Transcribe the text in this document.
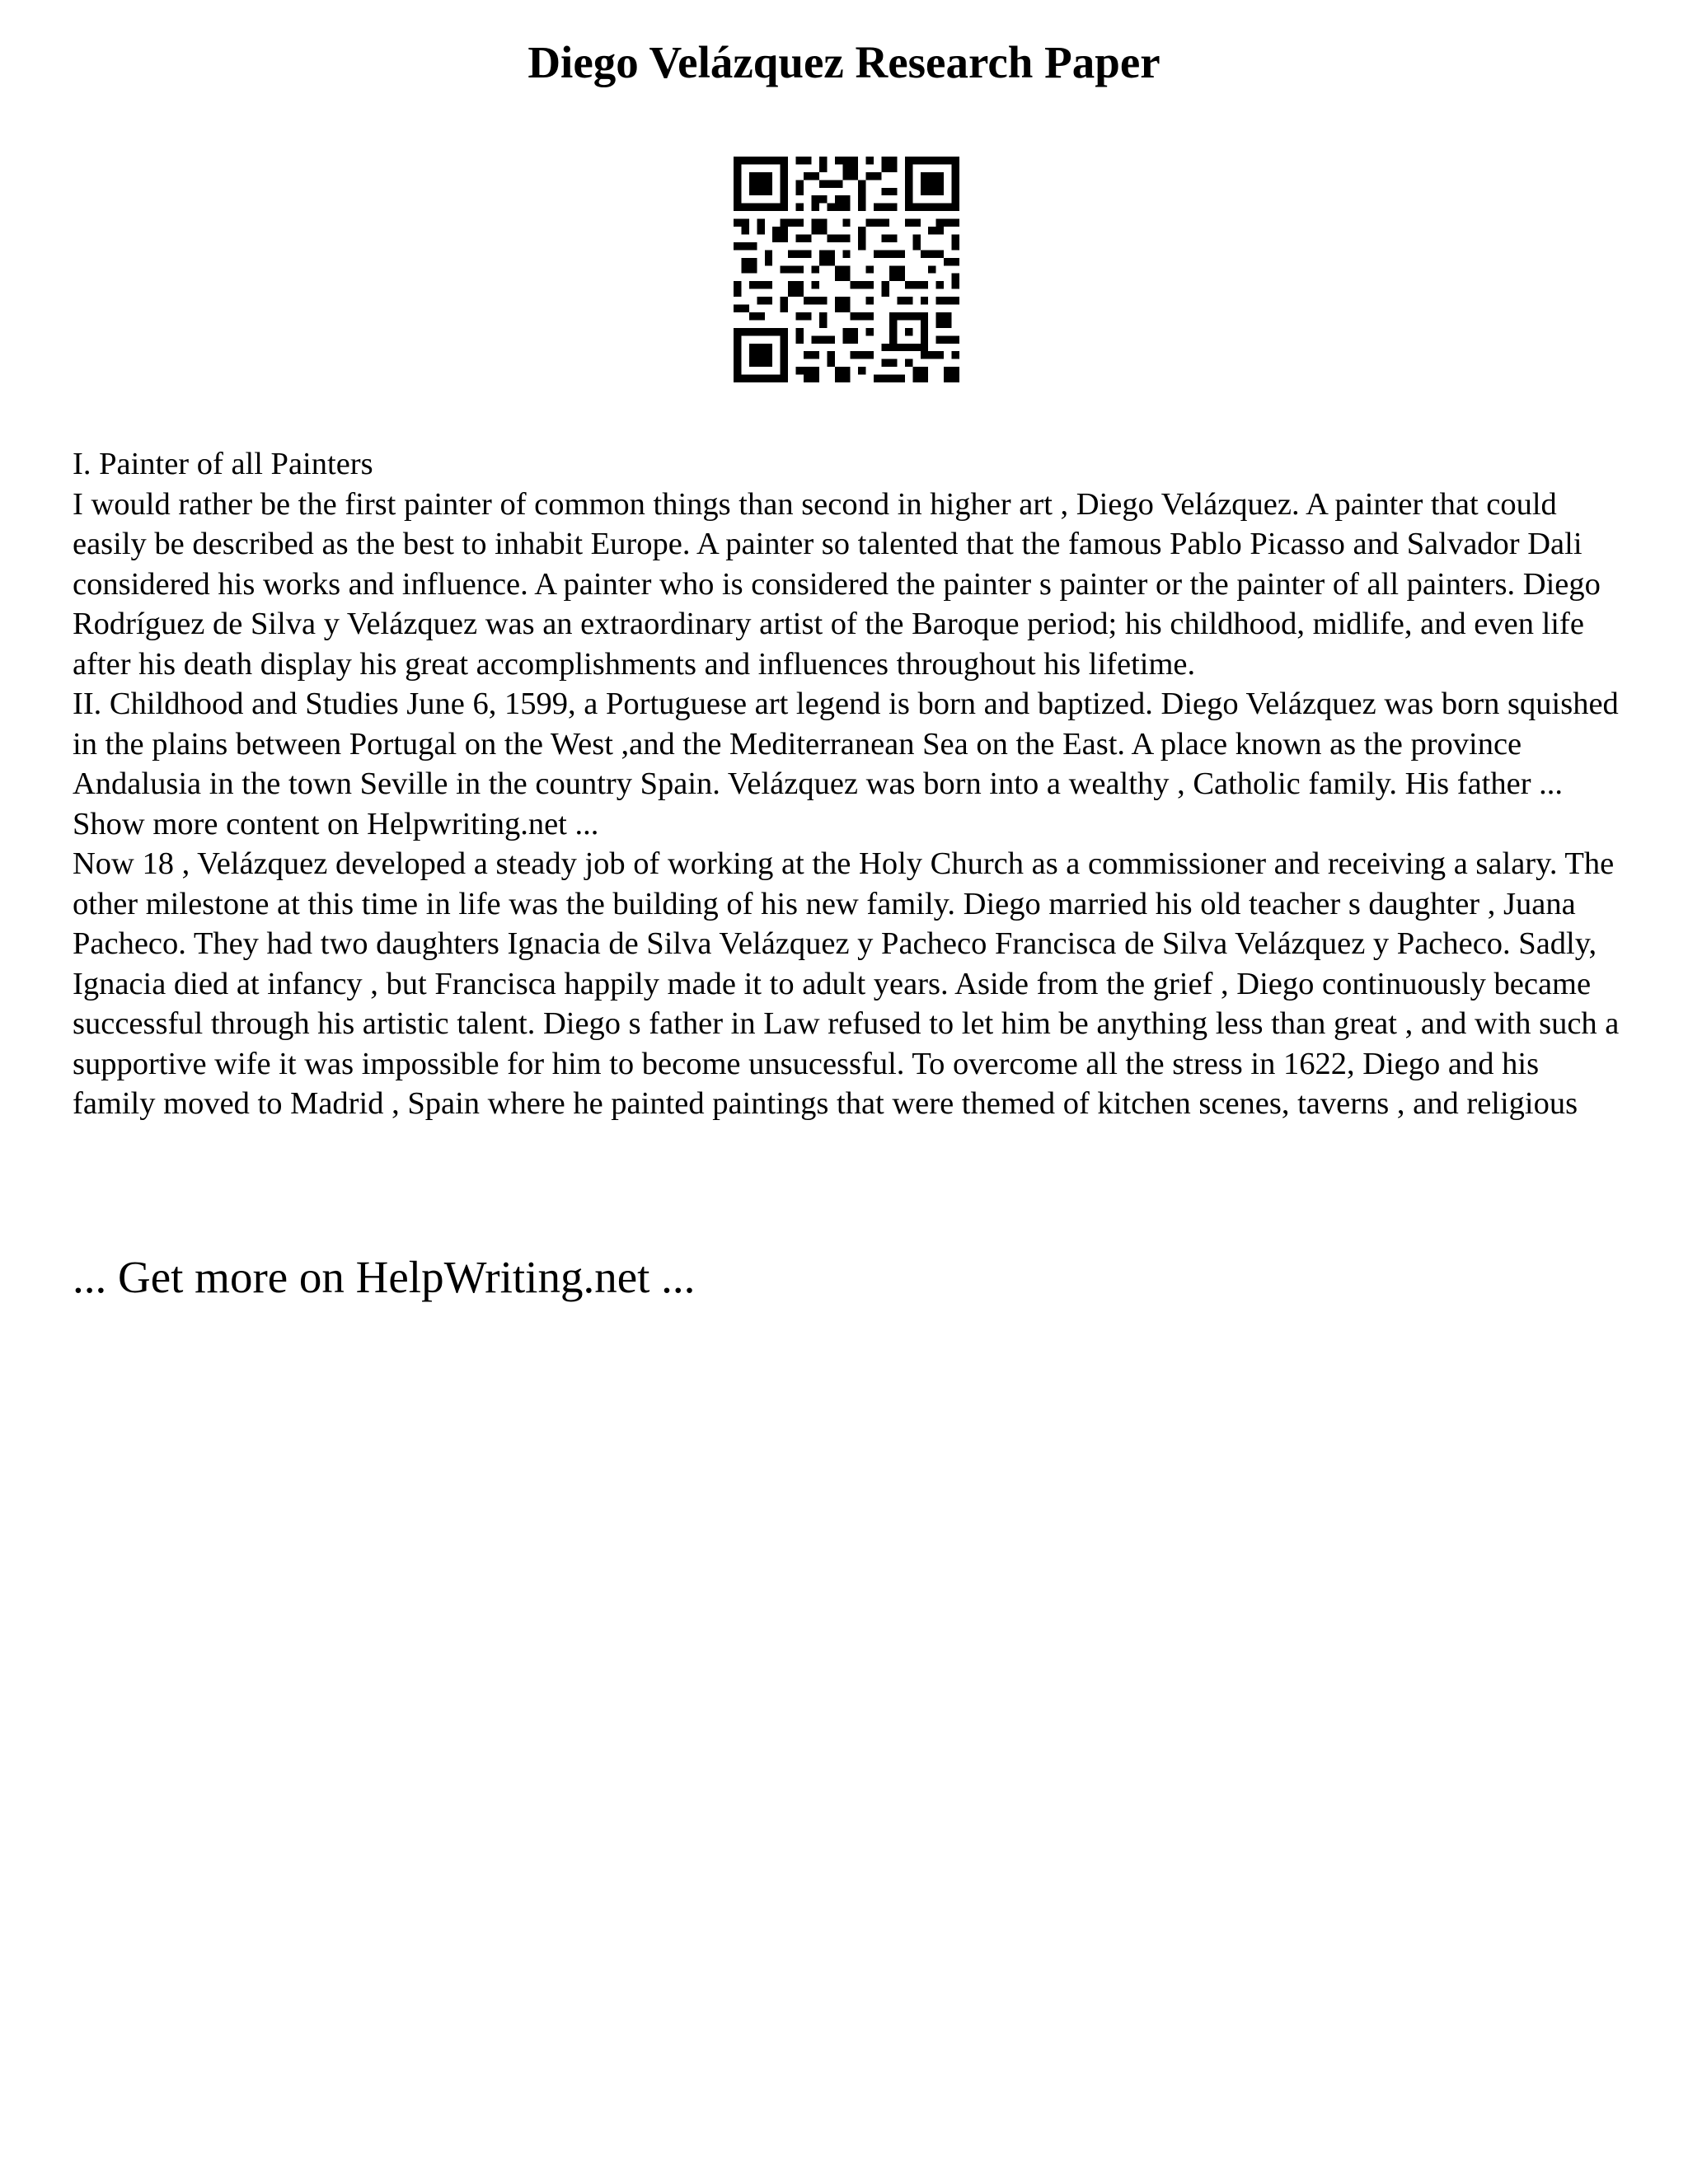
Diego Velázquez Research Paper

I. Painter of all Painters

I would rather be the first painter of common things than second in higher art , Diego Velázquez. A painter that could easily be described as the best to inhabit Europe. A painter so talented that the famous Pablo Picasso and Salvador Dali considered his works and influence. A painter who is considered the painter s painter or the painter of all painters. Diego Rodríguez de Silva y Velázquez was an extraordinary artist of the Baroque period; his childhood, midlife, and even life after his death display his great accomplishments and influences throughout his lifetime.

II. Childhood and Studies June 6, 1599, a Portuguese art legend is born and baptized. Diego Velázquez was born squished in the plains between Portugal on the West ,and the Mediterranean Sea on the East. A place known as the province Andalusia in the town Seville in the country Spain. Velázquez was born into a wealthy , Catholic family. His father ... Show more content on Helpwriting.net ...

Now 18 , Velázquez developed a steady job of working at the Holy Church as a commissioner and receiving a salary. The other milestone at this time in life was the building of his new family. Diego married his old teacher s daughter , Juana Pacheco. They had two daughters Ignacia de Silva Velázquez y Pacheco Francisca de Silva Velázquez y Pacheco. Sadly, Ignacia died at infancy , but Francisca happily made it to adult years. Aside from the grief , Diego continuously became successful through his artistic talent. Diego s father in Law refused to let him be anything less than great , and with such a supportive wife it was impossible for him to become unsucessful. To overcome all the stress in 1622, Diego and his family moved to Madrid , Spain where he painted paintings that were themed of kitchen scenes, taverns , and religious

... Get more on HelpWriting.net ...
